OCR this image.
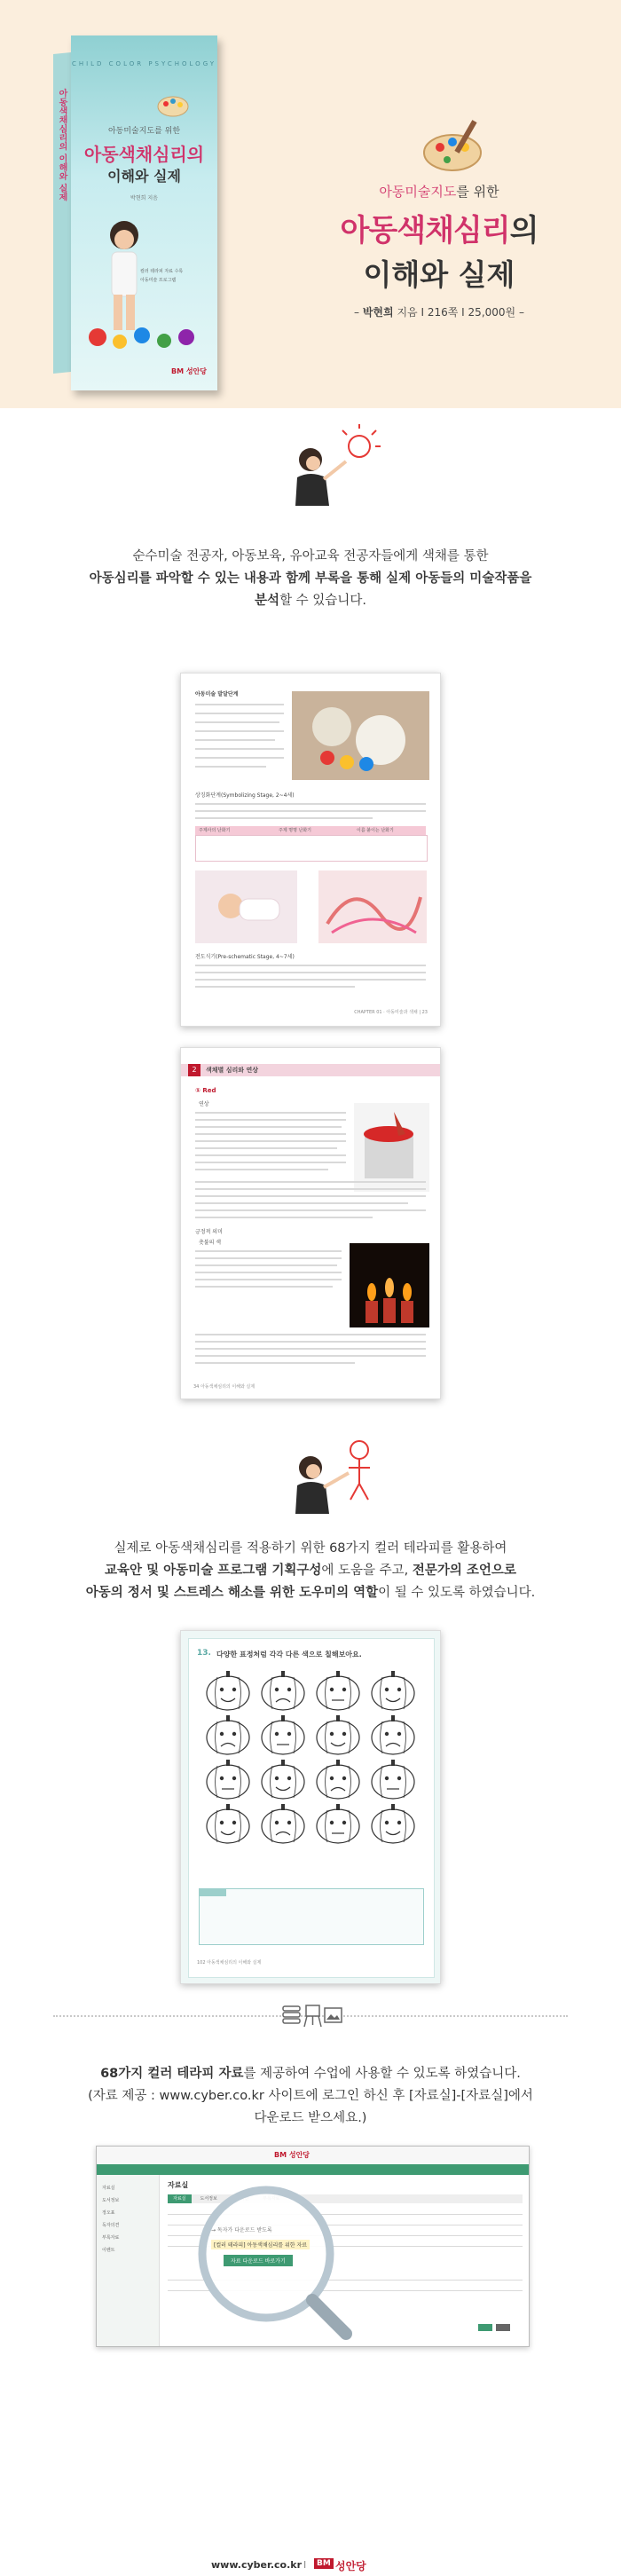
아동색채심리의 이해와 실제
CHILD COLOR PSYCHOLOGY
아동미술지도를 위한
아동색채심리의
이해와 실제
박현희 지음
컬러 테라피 자료 수록
아동미술 프로그램
BM 성안당
아동미술지도를 위한
아동색채심리의
이해와 실제
– 박현희 지음 I 216쪽 I 25,000원 –
순수미술 전공자, 아동보육, 유아교육 전공자들에게 색채를 통한
아동심리를 파악할 수 있는 내용과 함께 부록을 통해 실제 아동들의 미술작품을
분석할 수 있습니다.
아동미술 발달단계
상징화단계(Symbolizing Stage, 2~4세)
주제사의 난화기	주제 명명 난화기	이름 붙이는 난화기
전도식기(Pre-schematic Stage, 4~7세)
CHAPTER 01 · 아동미술과 색채 | 23
2	색채별 심리와 연상
① Red
연상
긍정적 의미
촛불의 색
34 아동색채심리의 이해와 실제
실제로 아동색채심리를 적용하기 위한 68가지 컬러 테라피를 활용하여
교육안 및 아동미술 프로그램 기획구성에 도움을 주고, 전문가의 조언으로
아동의 정서 및 스트레스 해소를 위한 도우미의 역할이 될 수 있도록 하였습니다.
13. 다양한 표정처럼 각각 다른 색으로 칠해보아요.
102 아동색채심리의 이해와 실제
68가지 컬러 테라피 자료를 제공하여 수업에 사용할 수 있도록 하였습니다.
(자료 제공 : www.cyber.co.kr 사이트에 로그인 하신 후 [자료실]-[자료실]에서
다운로드 받으세요.)
BM 성안당
자료실
도서정보
정오표
독자의견
부록자료
이벤트
자료실
자료실	도서정보
→ 독자가 다운로드 받도록
[컬러 테라피] 아동색채심리를 위한 자료
자료 다운로드 바로가기
www.cyber.co.kr I	BM 성안당
